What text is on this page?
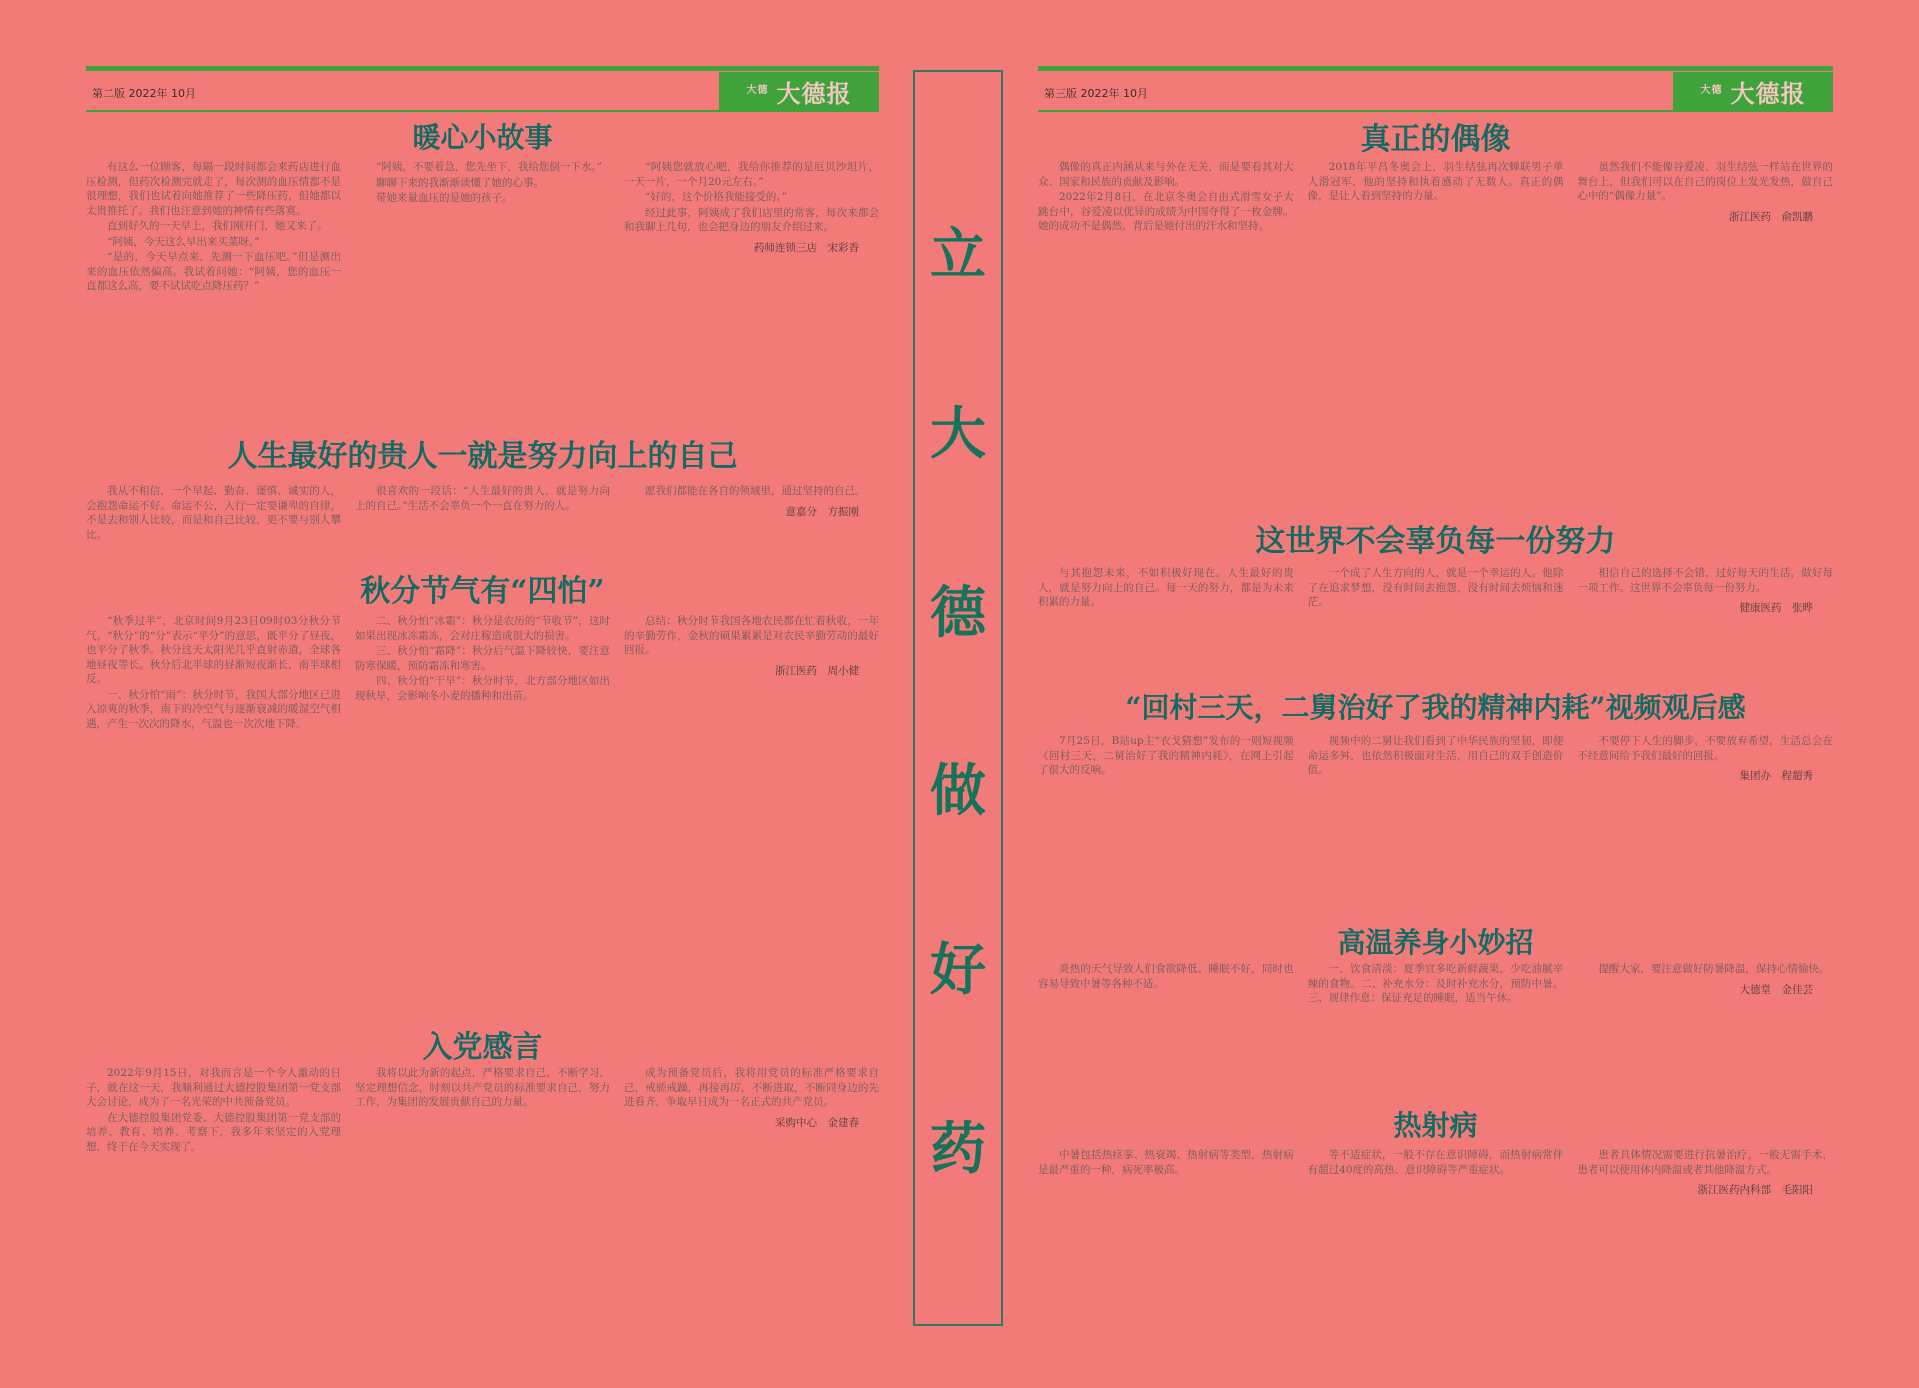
第二版 2022年 10月	大德 大德报
暖心小故事

有这么一位顾客，每隔一段时间都会来药店进行血压检测，但药次检测完就走了，每次测的血压情都不是很理想，我们也试着向她推荐了一些降压药，但她都以太贵推托了。我们也注意到她的神情有些落寞。

直到好久的一天早上，我们刚开门，她又来了。

“阿姨，今天这么早出来买菜呀。”

“是的，今天早点来，先测一下血压吧。”但是测出来的血压依然偏高。我试着问她：“阿姨，您的血压一直都这么高，要不试试吃点降压药？”

“阿姨，不要着急，您先坐下，我给您倒一下水。”

聊聊下来的我渐渐读懂了她的心事。

带她来量血压的是她的孩子。

“阿姨您就放心吧，我给你推荐的是厄贝沙坦片，一天一片，一个月20元左右。”

“好的，这个价格我能接受的。”

经过此事，阿姨成了我们店里的常客，每次来都会和我聊上几句，也会把身边的朋友介绍过来。

药师连锁三店　宋彩香
人生最好的贵人一就是努力向上的自己

我从不相信，一个早起、勤奋、谨慎、诚实的人，会抱怨命运不好。命运不公，入行一定要谦卑的自律，不是去和别人比较，而是和自己比较，更不要与别人攀比。

很喜欢的一段话：“人生最好的贵人，就是努力向上的自己。”生活不会辜负一个一直在努力的人。

愿我们都能在各自的领域里，通过坚持的自己。

意嘉分　方振刚
秋分节气有“四怕”

“秋季过半”，北京时间9月23日09时03分秋分节气。“秋分”的“分”表示“平分”的意思，既平分了昼夜，也平分了秋季。秋分这天太阳光几乎直射赤道，全球各地昼夜等长。秋分后北半球的昼渐短夜渐长，南半球相反。

一、秋分怕“雨”：秋分时节，我国大部分地区已进入凉爽的秋季，南下的冷空气与逐渐衰减的暖湿空气相遇，产生一次次的降水，气温也一次次地下降。

二、秋分怕“冰霜”：秋分是农历的“节收节”，这时如果出现冰冻霜冻，会对庄稼造成很大的损害。

三、秋分怕“霜降”：秋分后气温下降较快，要注意防寒保暖，预防霜冻和寒害。

四、秋分怕“干旱”：秋分时节，北方部分地区如出现秋旱，会影响冬小麦的播种和出苗。

总结：秋分时节我国各地农民都在忙着秋收，一年的辛勤劳作，金秋的硕果累累是对农民辛勤劳动的最好回报。

浙江医药　周小健
入党感言

2022年9月15日，对我而言是一个令人激动的日子，就在这一天，我顺利通过大德控股集团第一党支部大会讨论，成为了一名光荣的中共预备党员。

在大德控股集团党委、大德控股集团第一党支部的培养、教育、培养、考察下，我多年来坚定的入党理想，终于在今天实现了。

我将以此为新的起点，严格要求自己，不断学习，坚定理想信念，时刻以共产党员的标准要求自己，努力工作，为集团的发展贡献自己的力量。

成为预备党员后，我将用党员的标准严格要求自己，戒骄戒躁，再接再厉，不断进取，不断同身边的先进看齐，争取早日成为一名正式的共产党员。

采购中心　金建春
立
大
德
做
好
药
第三版 2022年 10月	大德 大德报
真正的偶像

偶像的真正内涵从来与外在无关，而是要看其对大众、国家和民族的贡献及影响。

2022年2月8日，在北京冬奥会自由式滑雪女子大跳台中，谷爱凌以优异的成绩为中国夺得了一枚金牌。她的成功不是偶然，背后是她付出的汗水和坚持。

2018年平昌冬奥会上，羽生结弦再次蝉联男子单人滑冠军，他的坚持和执着感动了无数人。真正的偶像，是让人看到坚持的力量。

虽然我们不能像谷爱凌、羽生结弦一样站在世界的舞台上，但我们可以在自己的岗位上发光发热，做自己心中的“偶像力量”。

浙江医药　俞凯鹏
这世界不会辜负每一份努力

与其抱怨未来，不如积极好现在。人生最好的贵人，就是努力向上的自己。每一天的努力，都是为未来积累的力量。

一个成了人生方向的人，就是一个幸运的人。他除了在追求梦想，没有时间去抱怨，没有时间去烦恼和迷茫。

相信自己的选择不会错，过好每天的生活，做好每一项工作。这世界不会辜负每一份努力。

健康医药　张晔
“回村三天，二舅治好了我的精神内耗”视频观后感

7月25日，B站up主“衣戈猜想”发布的一则短视频《回村三天，二舅治好了我的精神内耗》，在网上引起了很大的反响。

视频中的二舅让我们看到了中华民族的坚韧，即便命运多舛，也依然积极面对生活，用自己的双手创造价值。

不要停下人生的脚步，不要放弃希望，生活总会在不经意间给予我们最好的回报。

集团办　程超秀
高温养身小妙招

炎热的天气导致人们食欲降低、睡眠不好，同时也容易导致中暑等各种不适。

一、饮食清淡：夏季宜多吃新鲜蔬果，少吃油腻辛辣的食物。二、补充水分：及时补充水分，预防中暑。三、规律作息：保证充足的睡眠，适当午休。

提醒大家，要注意做好防暑降温，保持心情愉快。

大德堂　金佳芸
热射病

中暑包括热痉挛、热衰竭、热射病等类型，热射病是最严重的一种，病死率极高。

等不适症状，一般不存在意识障碍，而热射病常伴有超过40度的高热、意识障碍等严重症状。

患者具体情况需要进行抗暑治疗，一般无需手术，患者可以使用体内降温或者其他降温方式。

浙江医药内科部　毛阳阳
